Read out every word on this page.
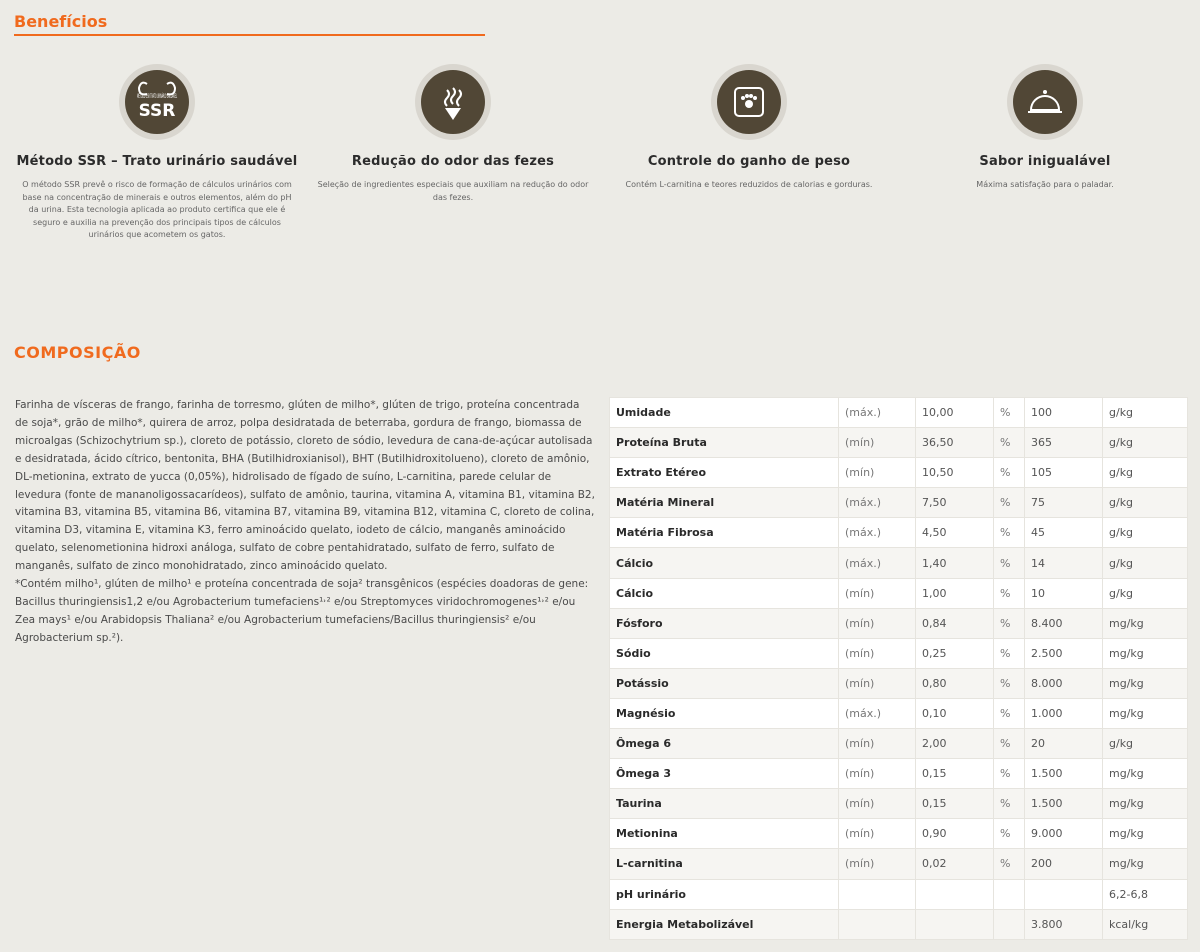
Benefícios
MÉTODO SSR TRATO URINÁRIO SAUDÁVEL
SSR
Método SSR – Trato urinário saudável
O método SSR prevê o risco de formação de cálculos urinários com base na concentração de minerais e outros elementos, além do pH da urina. Esta tecnologia aplicada ao produto certifica que ele é seguro e auxilia na prevenção dos principais tipos de cálculos urinários que acometem os gatos.
Redução do odor das fezes
Seleção de ingredientes especiais que auxiliam na redução do odor das fezes.
Controle do ganho de peso
Contém L-carnitina e teores reduzidos de calorias e gorduras.
Sabor inigualável
Máxima satisfação para o paladar.
COMPOSIÇÃO

Farinha de vísceras de frango, farinha de torresmo, glúten de milho*, glúten de trigo, proteína concentrada de soja*, grão de milho*, quirera de arroz, polpa desidratada de beterraba, gordura de frango, biomassa de microalgas (Schizochytrium sp.), cloreto de potássio, cloreto de sódio, levedura de cana-de-açúcar autolisada e desidratada, ácido cítrico, bentonita, BHA (Butilhidroxianisol), BHT (Butilhidroxitolueno), cloreto de amônio, DL-metionina, extrato de yucca (0,05%), hidrolisado de fígado de suíno, L-carnitina, parede celular de levedura (fonte de mananoligossacarídeos), sulfato de amônio, taurina, vitamina A, vitamina B1, vitamina B2, vitamina B3, vitamina B5, vitamina B6, vitamina B7, vitamina B9, vitamina B12, vitamina C, cloreto de colina, vitamina D3, vitamina E, vitamina K3, ferro aminoácido quelato, iodeto de cálcio, manganês aminoácido quelato, selenometionina hidroxi análoga, sulfato de cobre pentahidratado, sulfato de ferro, sulfato de manganês, sulfato de zinco monohidratado, zinco aminoácido quelato.

*Contém milho¹, glúten de milho¹ e proteína concentrada de soja² transgênicos (espécies doadoras de gene: Bacillus thuringiensis1,2 e/ou Agrobacterium tumefaciens¹˒² e/ou Streptomyces viridochromogenes¹˒² e/ou Zea mays¹ e/ou Arabidopsis Thaliana² e/ou Agrobacterium tumefaciens/Bacillus thuringiensis² e/ou Agrobacterium sp.²).

Umidade	(máx.)	10,00	%	100	g/kg
Proteína Bruta	(mín)	36,50	%	365	g/kg
Extrato Etéreo	(mín)	10,50	%	105	g/kg
Matéria Mineral	(máx.)	7,50	%	75	g/kg
Matéria Fibrosa	(máx.)	4,50	%	45	g/kg
Cálcio	(máx.)	1,40	%	14	g/kg
Cálcio	(mín)	1,00	%	10	g/kg
Fósforo	(mín)	0,84	%	8.400	mg/kg
Sódio	(mín)	0,25	%	2.500	mg/kg
Potássio	(mín)	0,80	%	8.000	mg/kg
Magnésio	(máx.)	0,10	%	1.000	mg/kg
Ômega 6	(mín)	2,00	%	20	g/kg
Ômega 3	(mín)	0,15	%	1.500	mg/kg
Taurina	(mín)	0,15	%	1.500	mg/kg
Metionina	(mín)	0,90	%	9.000	mg/kg
L-carnitina	(mín)	0,02	%	200	mg/kg
pH urinário					6,2-6,8
Energia Metabolizável				3.800	kcal/kg
